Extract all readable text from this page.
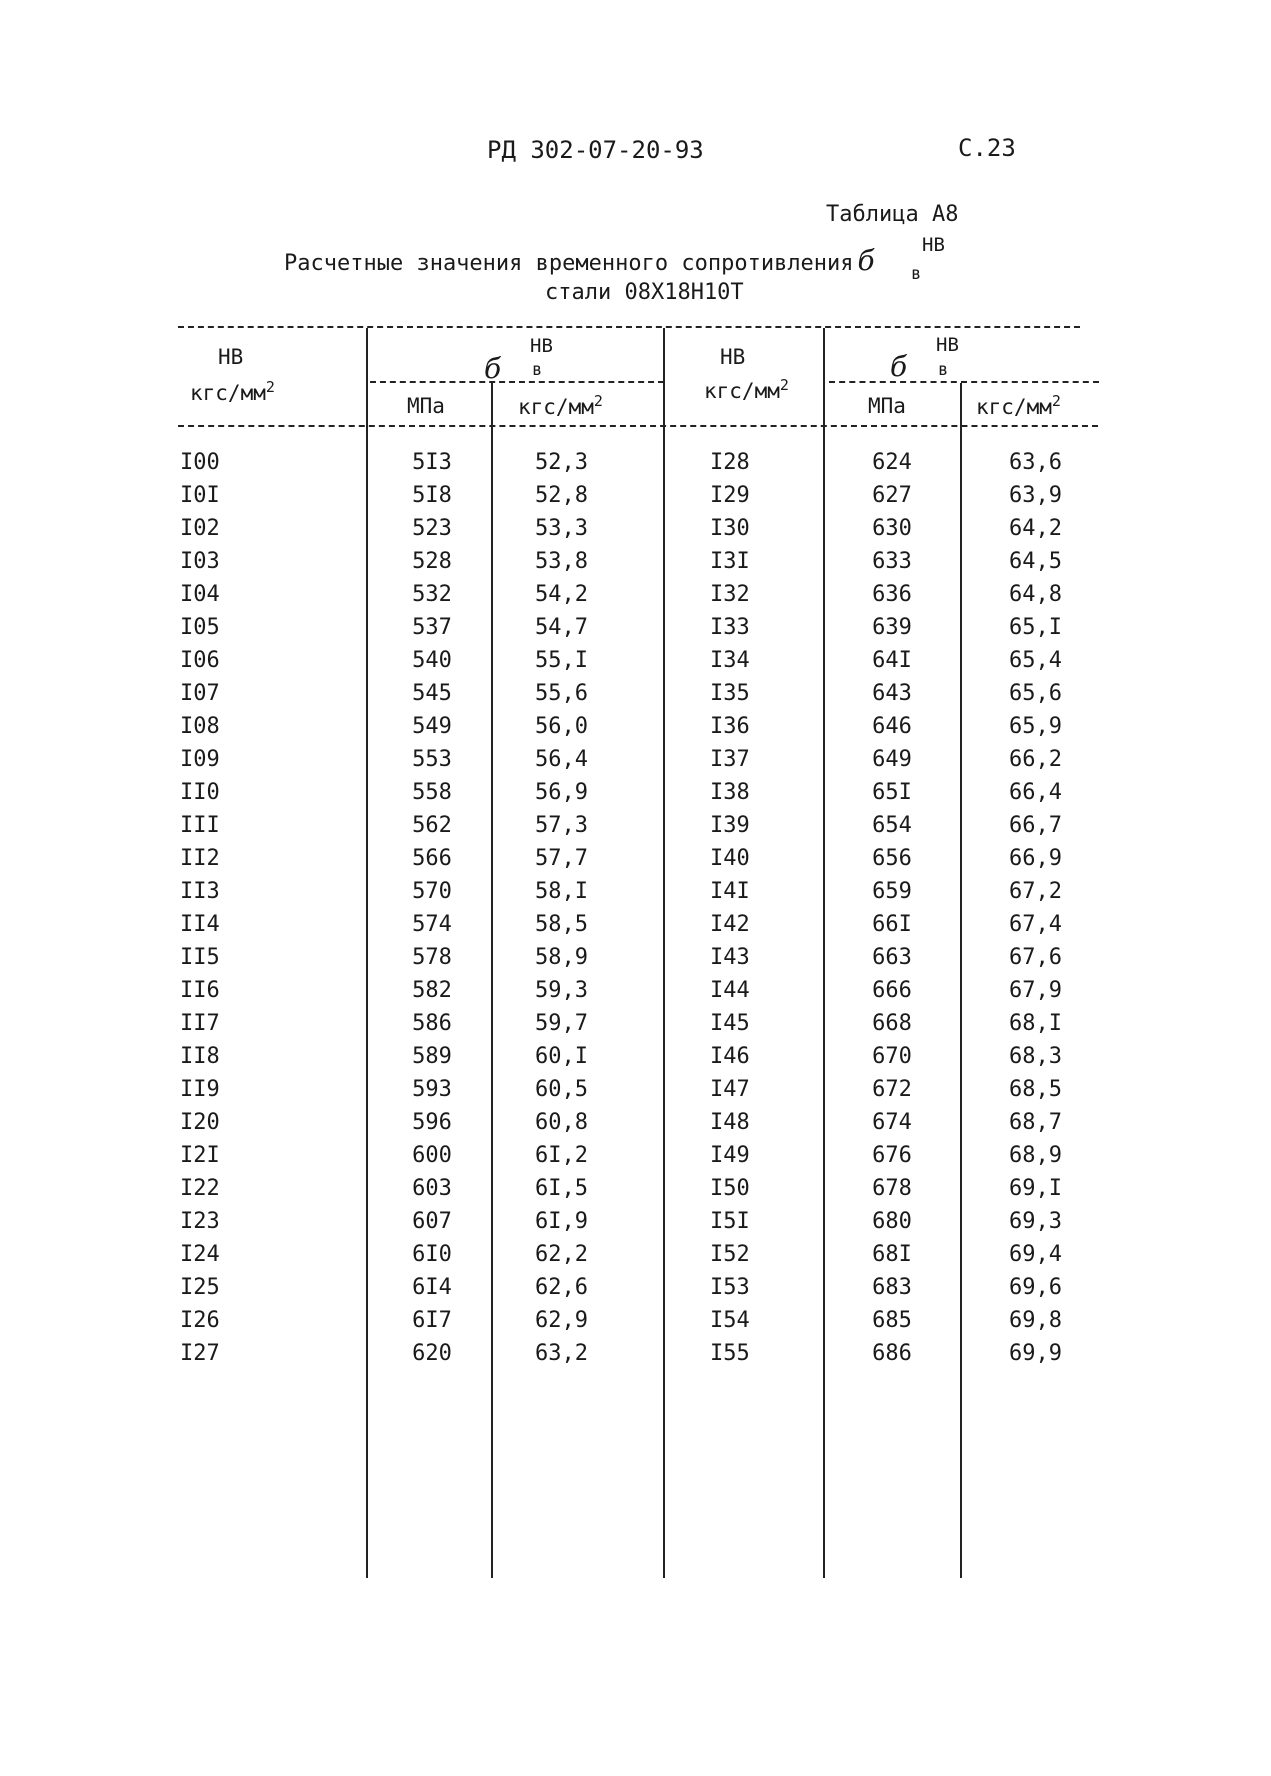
РД 302-07-20-93	С.23
Таблица А8
Расчетные значения временного сопротивления б НВ
в
стали 08Х18Н10Т
НВ
кгс/$мм^2$
б
НВ
в
МПа	кгс/$мм^2$
НВ
кгс/$мм^2$
б
НВ
в
МПа	кгс/$мм^2$
I00	5I3	52,3	I28	624	63,6
I0I	5I8	52,8	I29	627	63,9
I02	523	53,3	I30	630	64,2
I03	528	53,8	I3I	633	64,5
I04	532	54,2	I32	636	64,8
I05	537	54,7	I33	639	65,I
I06	540	55,I	I34	64I	65,4
I07	545	55,6	I35	643	65,6
I08	549	56,0	I36	646	65,9
I09	553	56,4	I37	649	66,2
II0	558	56,9	I38	65I	66,4
III	562	57,3	I39	654	66,7
II2	566	57,7	I40	656	66,9
II3	570	58,I	I4I	659	67,2
II4	574	58,5	I42	66I	67,4
II5	578	58,9	I43	663	67,6
II6	582	59,3	I44	666	67,9
II7	586	59,7	I45	668	68,I
II8	589	60,I	I46	670	68,3
II9	593	60,5	I47	672	68,5
I20	596	60,8	I48	674	68,7
I2I	600	6I,2	I49	676	68,9
I22	603	6I,5	I50	678	69,I
I23	607	6I,9	I5I	680	69,3
I24	6I0	62,2	I52	68I	69,4
I25	6I4	62,6	I53	683	69,6
I26	6I7	62,9	I54	685	69,8
I27	620	63,2	I55	686	69,9
